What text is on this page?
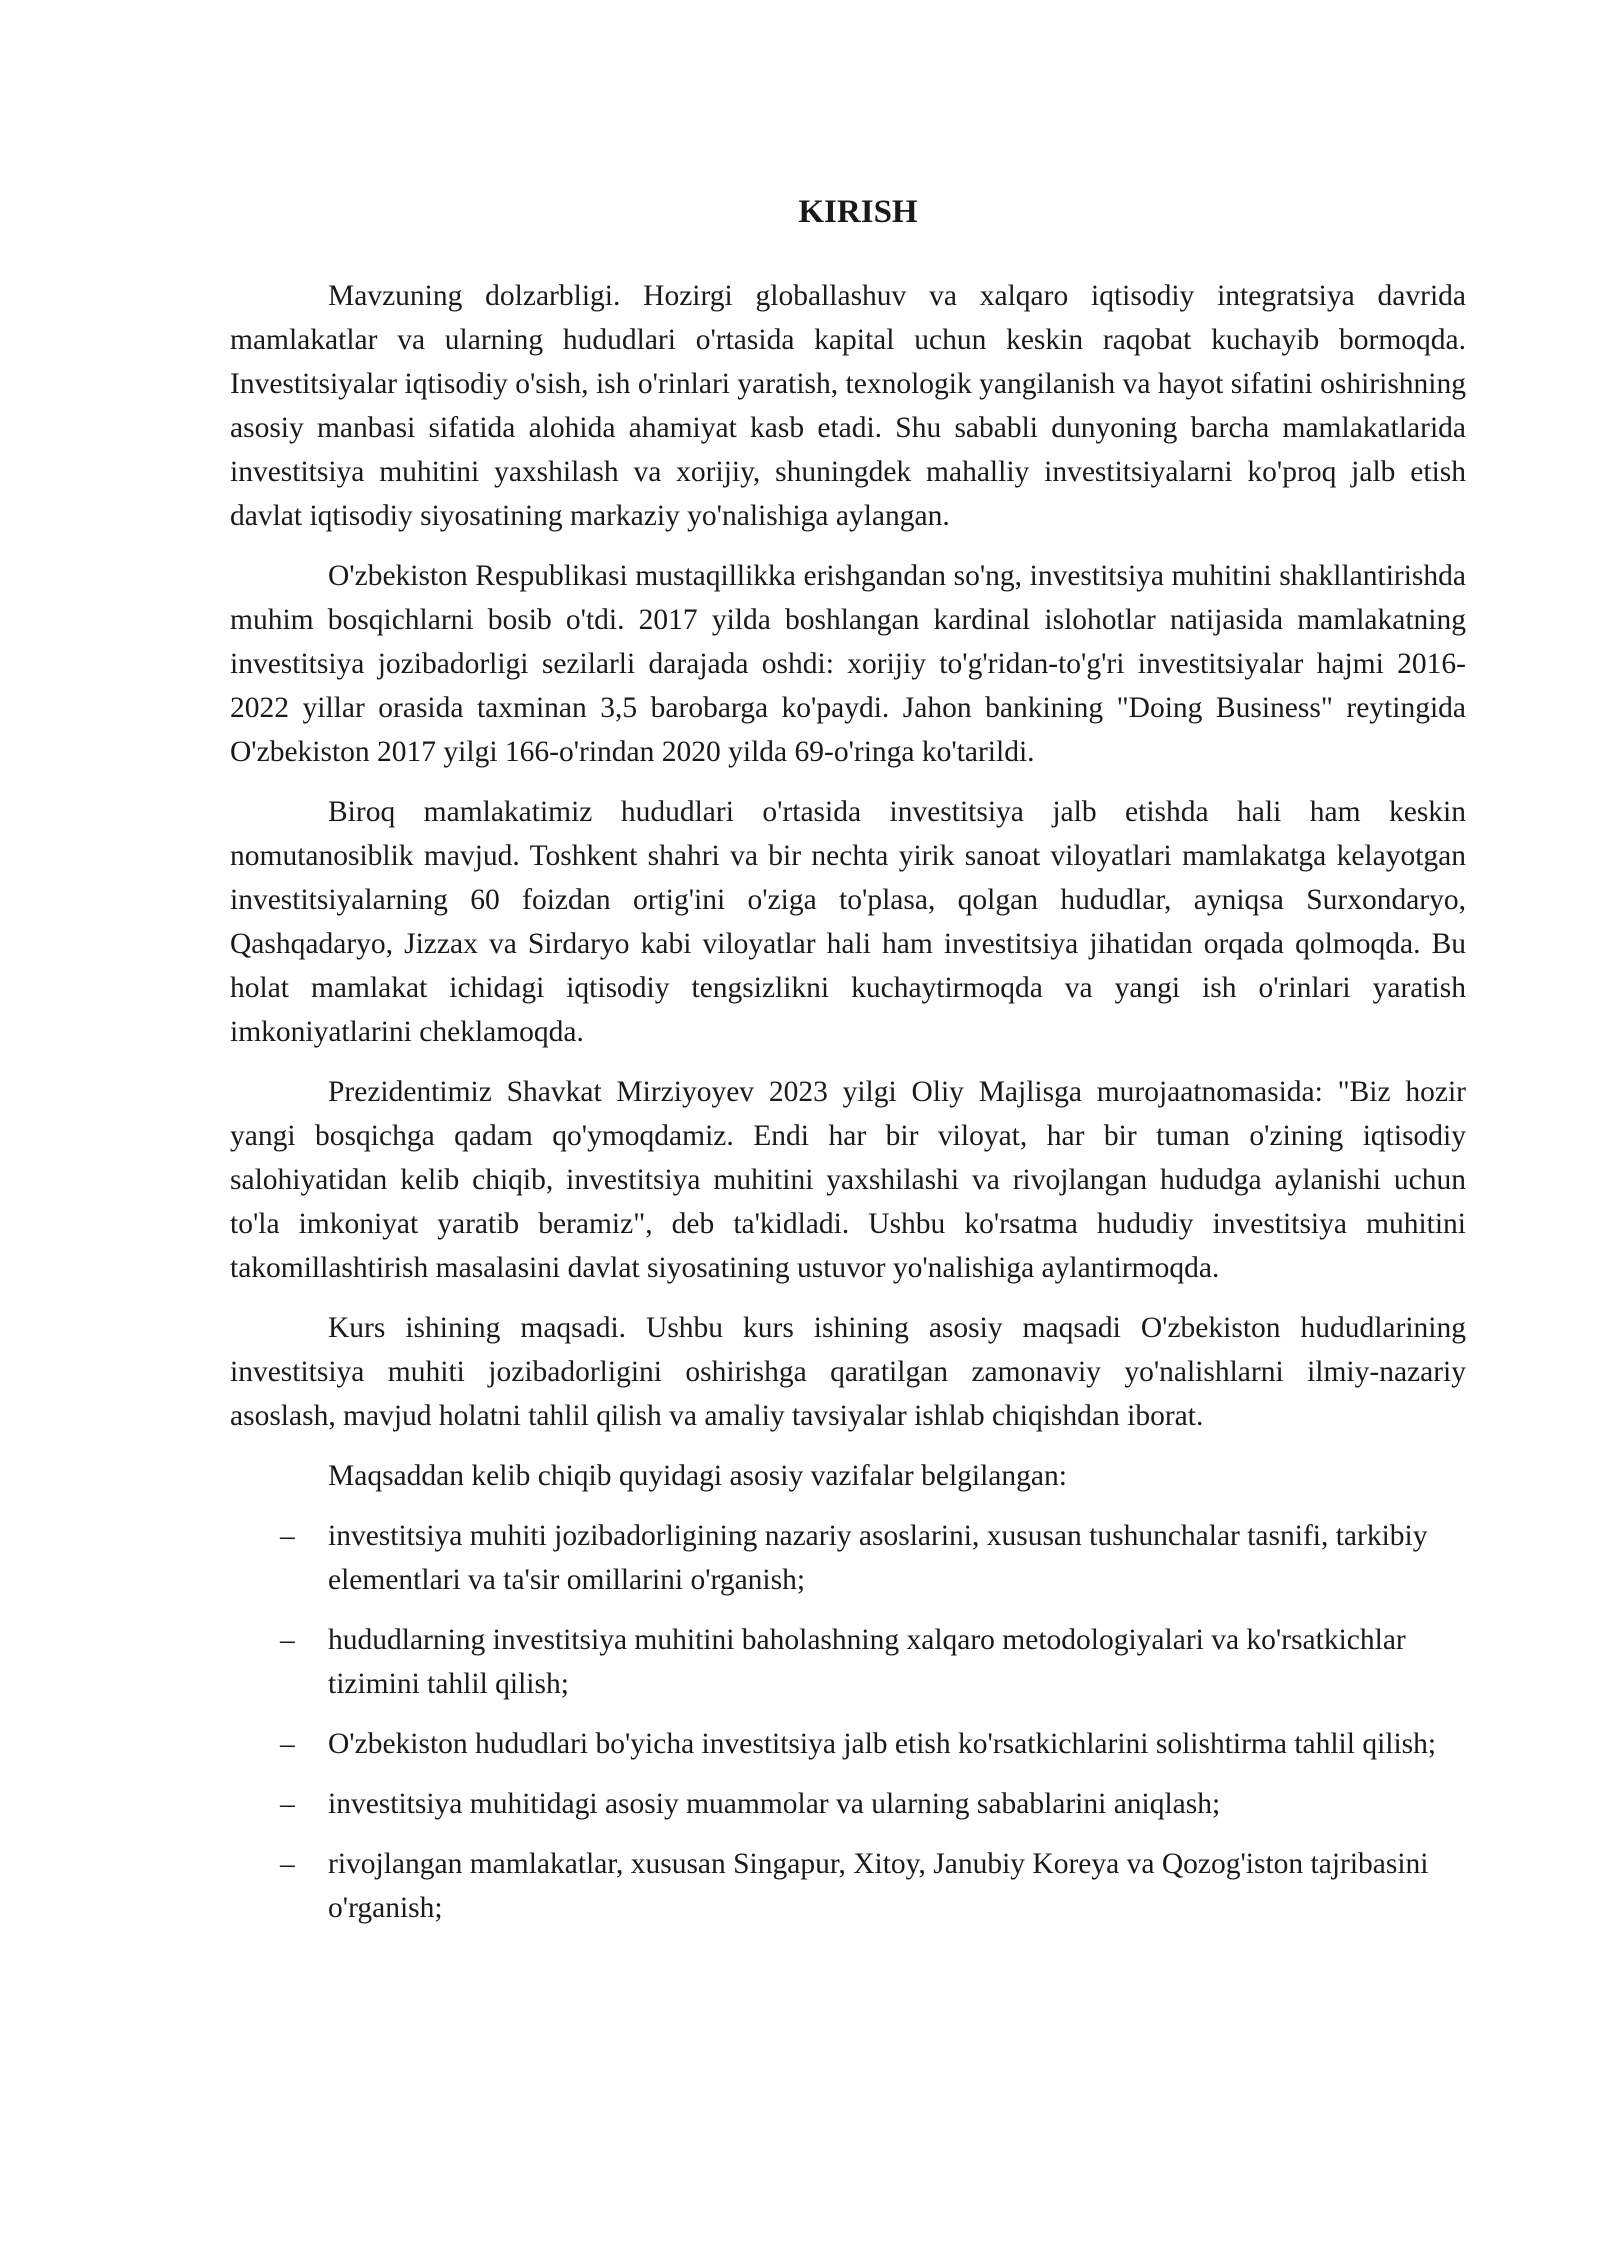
KIRISH

Mavzuning dolzarbligi. Hozirgi globallashuv va xalqaro iqtisodiy integratsiya davrida mamlakatlar va ularning hududlari o'rtasida kapital uchun keskin raqobat kuchayib bormoqda. Investitsiyalar iqtisodiy o'sish, ish o'rinlari yaratish, texnologik yangilanish va hayot sifatini oshirishning asosiy manbasi sifatida alohida ahamiyat kasb etadi. Shu sababli dunyoning barcha mamlakatlarida investitsiya muhitini yaxshilash va xorijiy, shuningdek mahalliy investitsiyalarni ko'proq jalb etish davlat iqtisodiy siyosatining markaziy yo'nalishiga aylangan.

O'zbekiston Respublikasi mustaqillikka erishgandan so'ng, investitsiya muhitini shakllantirishda muhim bosqichlarni bosib o'tdi. 2017 yilda boshlangan kardinal islohotlar natijasida mamlakatning investitsiya jozibadorligi sezilarli darajada oshdi: xorijiy to'g'ridan-to'g'ri investitsiyalar hajmi 2016-2022 yillar orasida taxminan 3,5 barobarga ko'paydi. Jahon bankining "Doing Business" reytingida O'zbekiston 2017 yilgi 166-o'rindan 2020 yilda 69-o'ringa ko'tarildi.

Biroq mamlakatimiz hududlari o'rtasida investitsiya jalb etishda hali ham keskin nomutanosiblik mavjud. Toshkent shahri va bir nechta yirik sanoat viloyatlari mamlakatga kelayotgan investitsiyalarning 60 foizdan ortig'ini o'ziga to'plasa, qolgan hududlar, ayniqsa Surxondaryo, Qashqadaryo, Jizzax va Sirdaryo kabi viloyatlar hali ham investitsiya jihatidan orqada qolmoqda. Bu holat mamlakat ichidagi iqtisodiy tengsizlikni kuchaytirmoqda va yangi ish o'rinlari yaratish imkoniyatlarini cheklamoqda.

Prezidentimiz Shavkat Mirziyoyev 2023 yilgi Oliy Majlisga murojaatnomasida: "Biz hozir yangi bosqichga qadam qo'ymoqdamiz. Endi har bir viloyat, har bir tuman o'zining iqtisodiy salohiyatidan kelib chiqib, investitsiya muhitini yaxshilashi va rivojlangan hududga aylanishi uchun to'la imkoniyat yaratib beramiz", deb ta'kidladi. Ushbu ko'rsatma hududiy investitsiya muhitini takomillashtirish masalasini davlat siyosatining ustuvor yo'nalishiga aylantirmoqda.

Kurs ishining maqsadi. Ushbu kurs ishining asosiy maqsadi O'zbekiston hududlarining investitsiya muhiti jozibadorligini oshirishga qaratilgan zamonaviy yo'nalishlarni ilmiy-nazariy asoslash, mavjud holatni tahlil qilish va amaliy tavsiyalar ishlab chiqishdan iborat.

Maqsaddan kelib chiqib quyidagi asosiy vazifalar belgilangan:

– investitsiya muhiti jozibadorligining nazariy asoslarini, xususan tushunchalar tasnifi, tarkibiy elementlari va ta'sir omillarini o'rganish;
– hududlarning investitsiya muhitini baholashning xalqaro metodologiyalari va ko'rsatkichlar tizimini tahlil qilish;
– O'zbekiston hududlari bo'yicha investitsiya jalb etish ko'rsatkichlarini solishtirma tahlil qilish;
– investitsiya muhitidagi asosiy muammolar va ularning sabablarini aniqlash;
– rivojlangan mamlakatlar, xususan Singapur, Xitoy, Janubiy Koreya va Qozog'iston tajribasini o'rganish;
